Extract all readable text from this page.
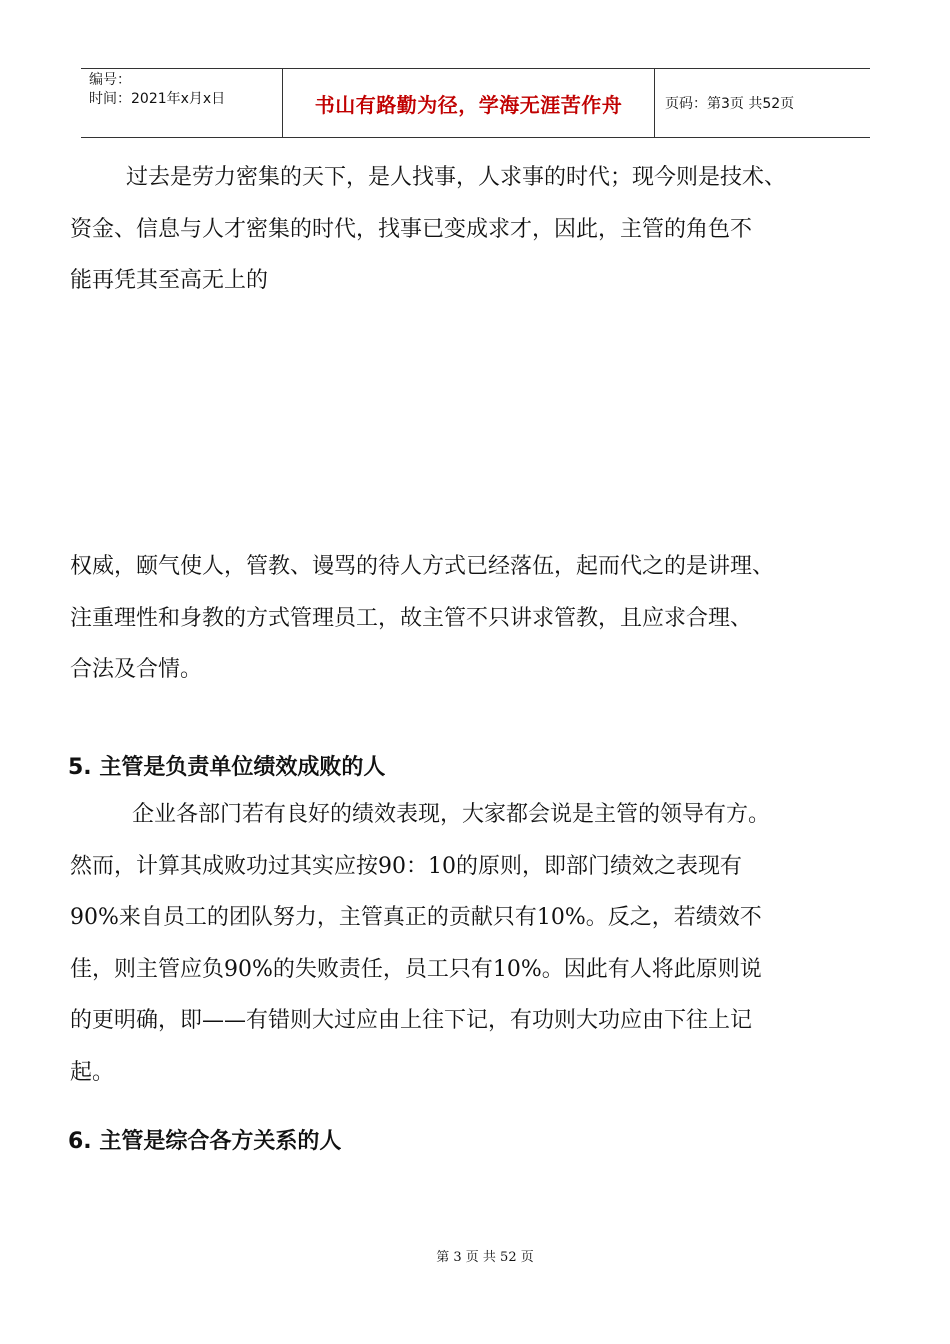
编号：
时间：2021年x月x日	书山有路勤为径，学海无涯苦作舟	页码：第3页 共52页
过去是劳力密集的天下，是人找事，人求事的时代；现今则是技术、
资金、信息与人才密集的时代，找事已变成求才，因此，主管的角色不
能再凭其至高无上的
权威，颐气使人，管教、谩骂的待人方式已经落伍，起而代之的是讲理、
注重理性和身教的方式管理员工，故主管不只讲求管教，且应求合理、
合法及合情。
5. 主管是负责单位绩效成败的人
企业各部门若有良好的绩效表现，大家都会说是主管的领导有方。
然而，计算其成败功过其实应按90：10的原则，即部门绩效之表现有
90%来自员工的团队努力，主管真正的贡献只有10%。反之，若绩效不
佳，则主管应负90%的失败责任，员工只有10%。因此有人将此原则说
的更明确，即——有错则大过应由上往下记，有功则大功应由下往上记
起。
6. 主管是综合各方关系的人
第 3 页 共 52 页
